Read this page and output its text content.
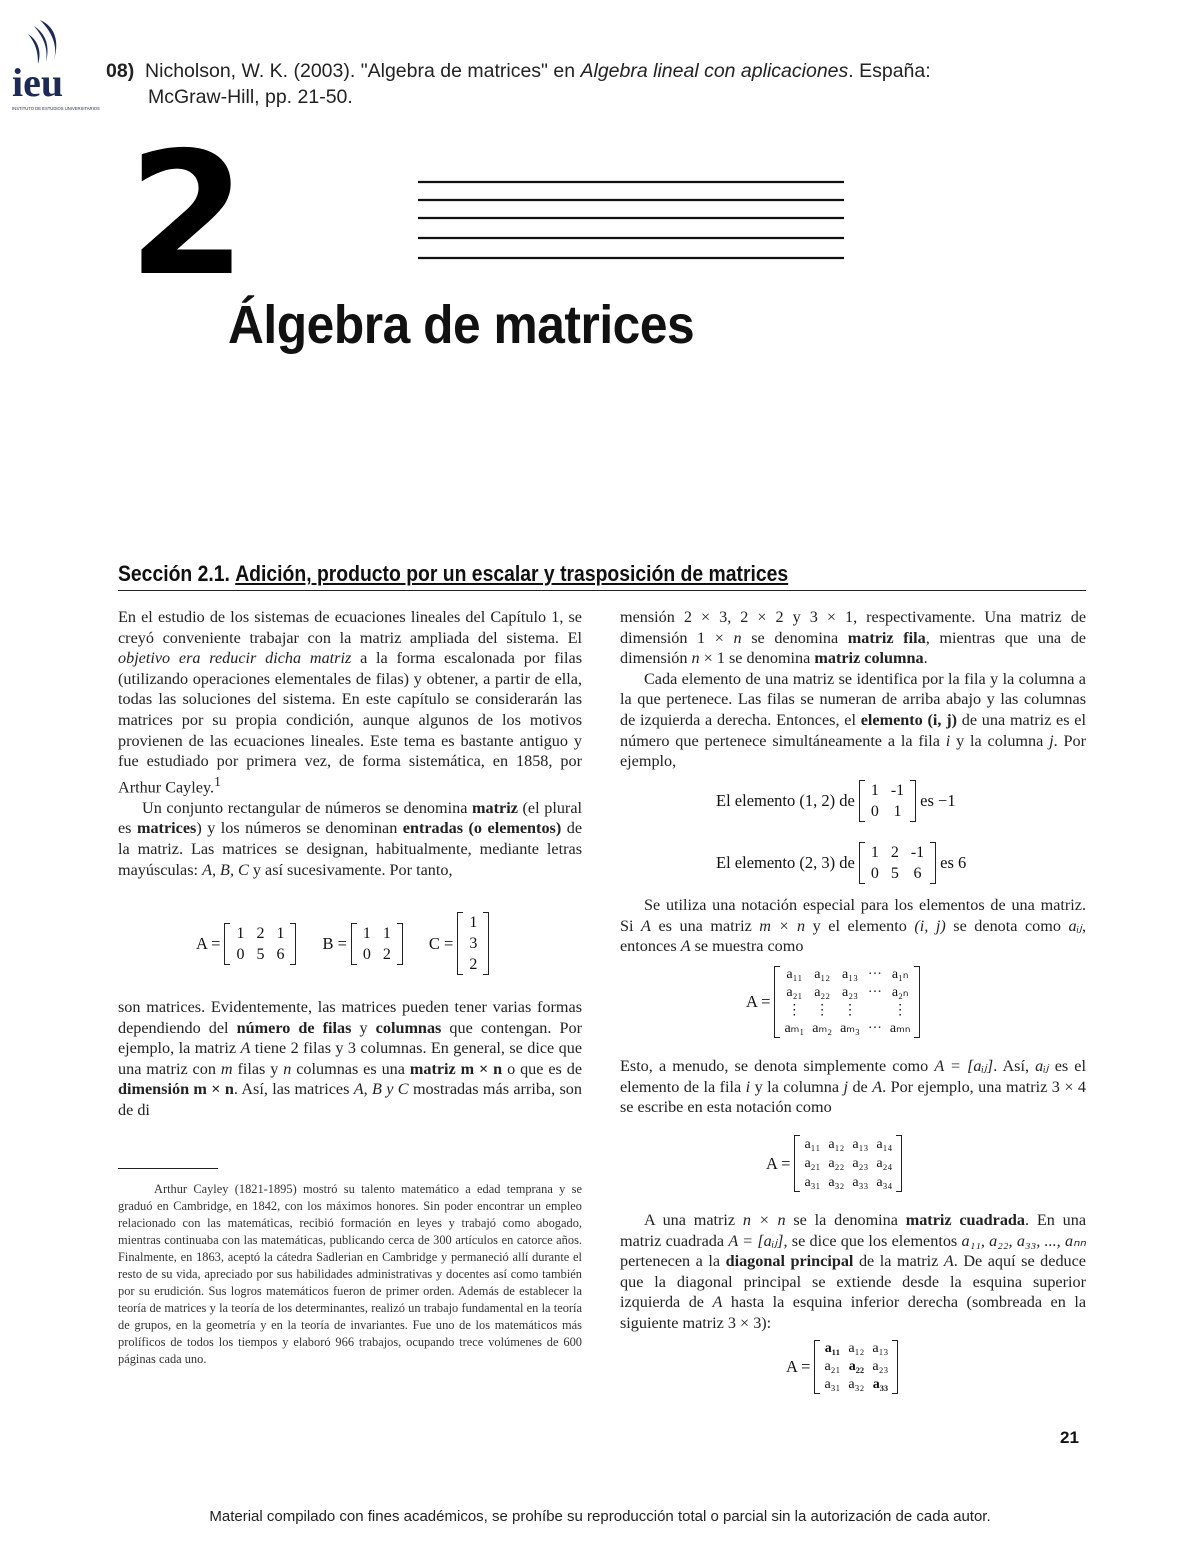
ieu
INSTITUTO DE ESTUDIOS UNIVERSITARIOS
08) Nicholson, W. K. (2003). "Algebra de matrices" en Algebra lineal con aplicaciones. España:
McGraw-Hill, pp. 21-50.
2
Álgebra de matrices
Sección 2.1. Adición, producto por un escalar y trasposición de matrices

En el estudio de los sistemas de ecuaciones lineales del Capítulo 1, se creyó conveniente trabajar con la matriz ampliada del sistema. El objetivo era reducir dicha matriz a la forma escalonada por filas (utilizando operaciones elementales de filas) y obtener, a partir de ella, todas las soluciones del sistema. En este capítulo se considerarán las matrices por su propia condición, aunque algunos de los motivos provienen de las ecuaciones lineales. Este tema es bastante antiguo y fue estudiado por primera vez, de forma sistemática, en 1858, por Arthur Cayley.$^1$

Un conjunto rectangular de números se denomina matriz (el plural es matrices) y los números se denominan entradas (o elementos) de la matriz. Las matrices se designan, habitualmente, mediante letras mayúsculas: A, B, C y así sucesivamente. Por tanto,

A =
1	2	1
0	5	6
B =
1	1
0	2
C =
1
3
2

son matrices. Evidentemente, las matrices pueden tener varias formas dependiendo del número de filas y columnas que contengan. Por ejemplo, la matriz A tiene 2 filas y 3 columnas. En general, se dice que una matriz con m filas y n columnas es una matriz m × n o que es de dimensión m × n. Así, las matrices A, B y C mostradas más arriba, son de di

Arthur Cayley (1821-1895) mostró su talento matemático a edad temprana y se graduó en Cambridge, en 1842, con los máximos honores. Sin poder encontrar un empleo relacionado con las matemáticas, recibió formación en leyes y trabajó como abogado, mientras continuaba con las matemáticas, publicando cerca de 300 artículos en catorce años. Finalmente, en 1863, aceptó la cátedra Sadlerian en Cambridge y permaneció allí durante el resto de su vida, apreciado por sus habilidades administrativas y docentes así como también por su erudición. Sus logros matemáticos fueron de primer orden. Además de establecer la teoría de matrices y la teoría de los determinantes, realizó un trabajo fundamental en la teoría de grupos, en la geometría y en la teoría de invariantes. Fue uno de los matemáticos más prolíficos de todos los tiempos y elaboró 966 trabajos, ocupando trece volúmenes de 600 páginas cada uno.

mensión 2 × 3, 2 × 2 y 3 × 1, respectivamente. Una matriz de dimensión 1 × n se denomina matriz fila, mientras que una de dimensión n × 1 se denomina matriz columna.

Cada elemento de una matriz se identifica por la fila y la columna a la que pertenece. Las filas se numeran de arriba abajo y las columnas de izquierda a derecha. Entonces, el elemento (i, j) de una matriz es el número que pertenece simultáneamente a la fila i y la columna j. Por ejemplo,

El elemento (1, 2) de
1	-1
0	1
es −1
El elemento (2, 3) de
1	2	-1
0	5	6
es 6

Se utiliza una notación especial para los elementos de una matriz. Si A es una matriz m × n y el elemento (i, j) se denota como aᵢⱼ, entonces A se muestra como

A =
a₁₁	a₁₂	a₁₃	···	a₁ₙ
a₂₁	a₂₂	a₂₃	···	a₂ₙ
⋮	⋮	⋮		⋮
aₘ₁	aₘ₂	aₘ₃	···	aₘₙ

Esto, a menudo, se denota simplemente como A = [aᵢⱼ]. Así, aᵢⱼ es el elemento de la fila i y la columna j de A. Por ejemplo, una matriz 3 × 4 se escribe en esta notación como

A =
a₁₁	a₁₂	a₁₃	a₁₄
a₂₁	a₂₂	a₂₃	a₂₄
a₃₁	a₃₂	a₃₃	a₃₄

A una matriz n × n se la denomina matriz cuadrada. En una matriz cuadrada A = [aᵢⱼ], se dice que los elementos a₁₁, a₂₂, a₃₃, ..., aₙₙ pertenecen a la diagonal principal de la matriz A. De aquí se deduce que la diagonal principal se extiende desde la esquina superior izquierda de A hasta la esquina inferior derecha (sombreada en la siguiente matriz 3 × 3):

A =
a₁₁	a₁₂	a₁₃
a₂₁	a₂₂	a₂₃
a₃₁	a₃₂	a₃₃
21
Material compilado con fines académicos, se prohíbe su reproducción total o parcial sin la autorización de cada autor.
